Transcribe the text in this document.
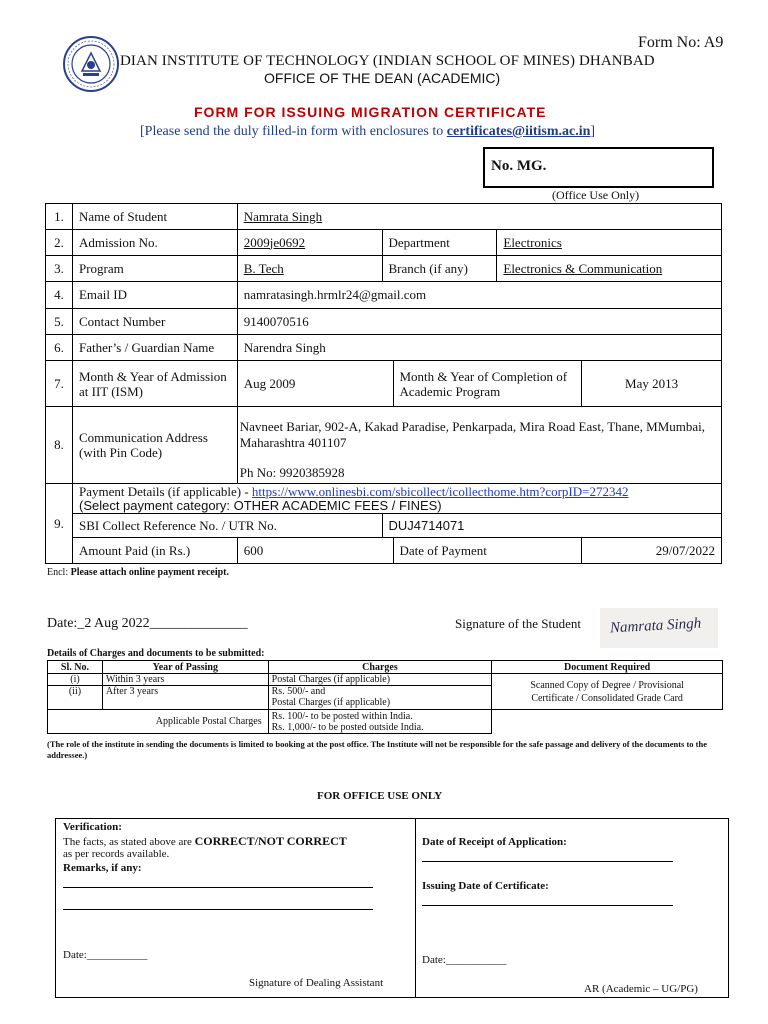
Form No: A9
DIAN INSTITUTE OF TECHNOLOGY (INDIAN SCHOOL OF MINES) DHANBAD
OFFICE OF THE DEAN (ACADEMIC)
FORM FOR ISSUING MIGRATION CERTIFICATE
[Please send the duly filled-in form with enclosures to certificates@iitism.ac.in]
No. MG.
(Office Use Only)
1.	Name of Student	Namrata Singh				
2.	Admission No.	2009je0692	Department		Electronics	
3.	Program	B. Tech	Branch (if any)		Electronics & Communication	
4.	Email ID	namratasingh.hrmlr24@gmail.com				
5.	Contact Number	9140070516				
6.	Father’s / Guardian Name	Narendra Singh				
7.	Month & Year of Admission at IIT (ISM)	Aug 2009		Month & Year of Completion of Academic Program		May 2013
8.	Communication Address (with Pin Code)	Navneet Bariar, 902-A, Kakad Paradise, Penkarpada, Mira Road East, Thane, MMumbai, Maharashtra 401107
Ph No: 9920385928				

9.	Payment Details (if applicable) - https://www.onlinesbi.com/sbicollect/icollecthome.htm?corpID=272342
(Select payment category: OTHER ACADEMIC FEES / FINES)					

	SBI Collect Reference No. / UTR No.		DUJ4714071			
	Amount Paid (in Rs.)	600		Date of Payment		29/07/2022
Encl: Please attach online payment receipt.
Date:_2 Aug 2022______________	Signature of the Student Namrata Singh
Details of Charges and documents to be submitted:
Sl. No.	Year of Passing	Charges	Document Required
(i)	Within 3 years	Postal Charges (if applicable)	Scanned Copy of Degree / Provisional Certificate / Consolidated Grade Card
(ii)	After 3 years	Rs. 500/- and
Postal Charges (if applicable)	

Applicable Postal Charges		Rs. 100/- to be posted within India.
Rs. 1,000/- to be posted outside India.	

(The role of the institute in sending the documents is limited to booking at the post office. The Institute will not be responsible for the safe passage and delivery of the documents to the addressee.)
FOR OFFICE USE ONLY
Verification:
The facts, as stated above are CORRECT/NOT CORRECT
as per records available.
Remarks, if any:
Date:___________
Signature of Dealing Assistant
Date of Receipt of Application:
Issuing Date of Certificate:
Date:___________
AR (Academic – UG/PG)
